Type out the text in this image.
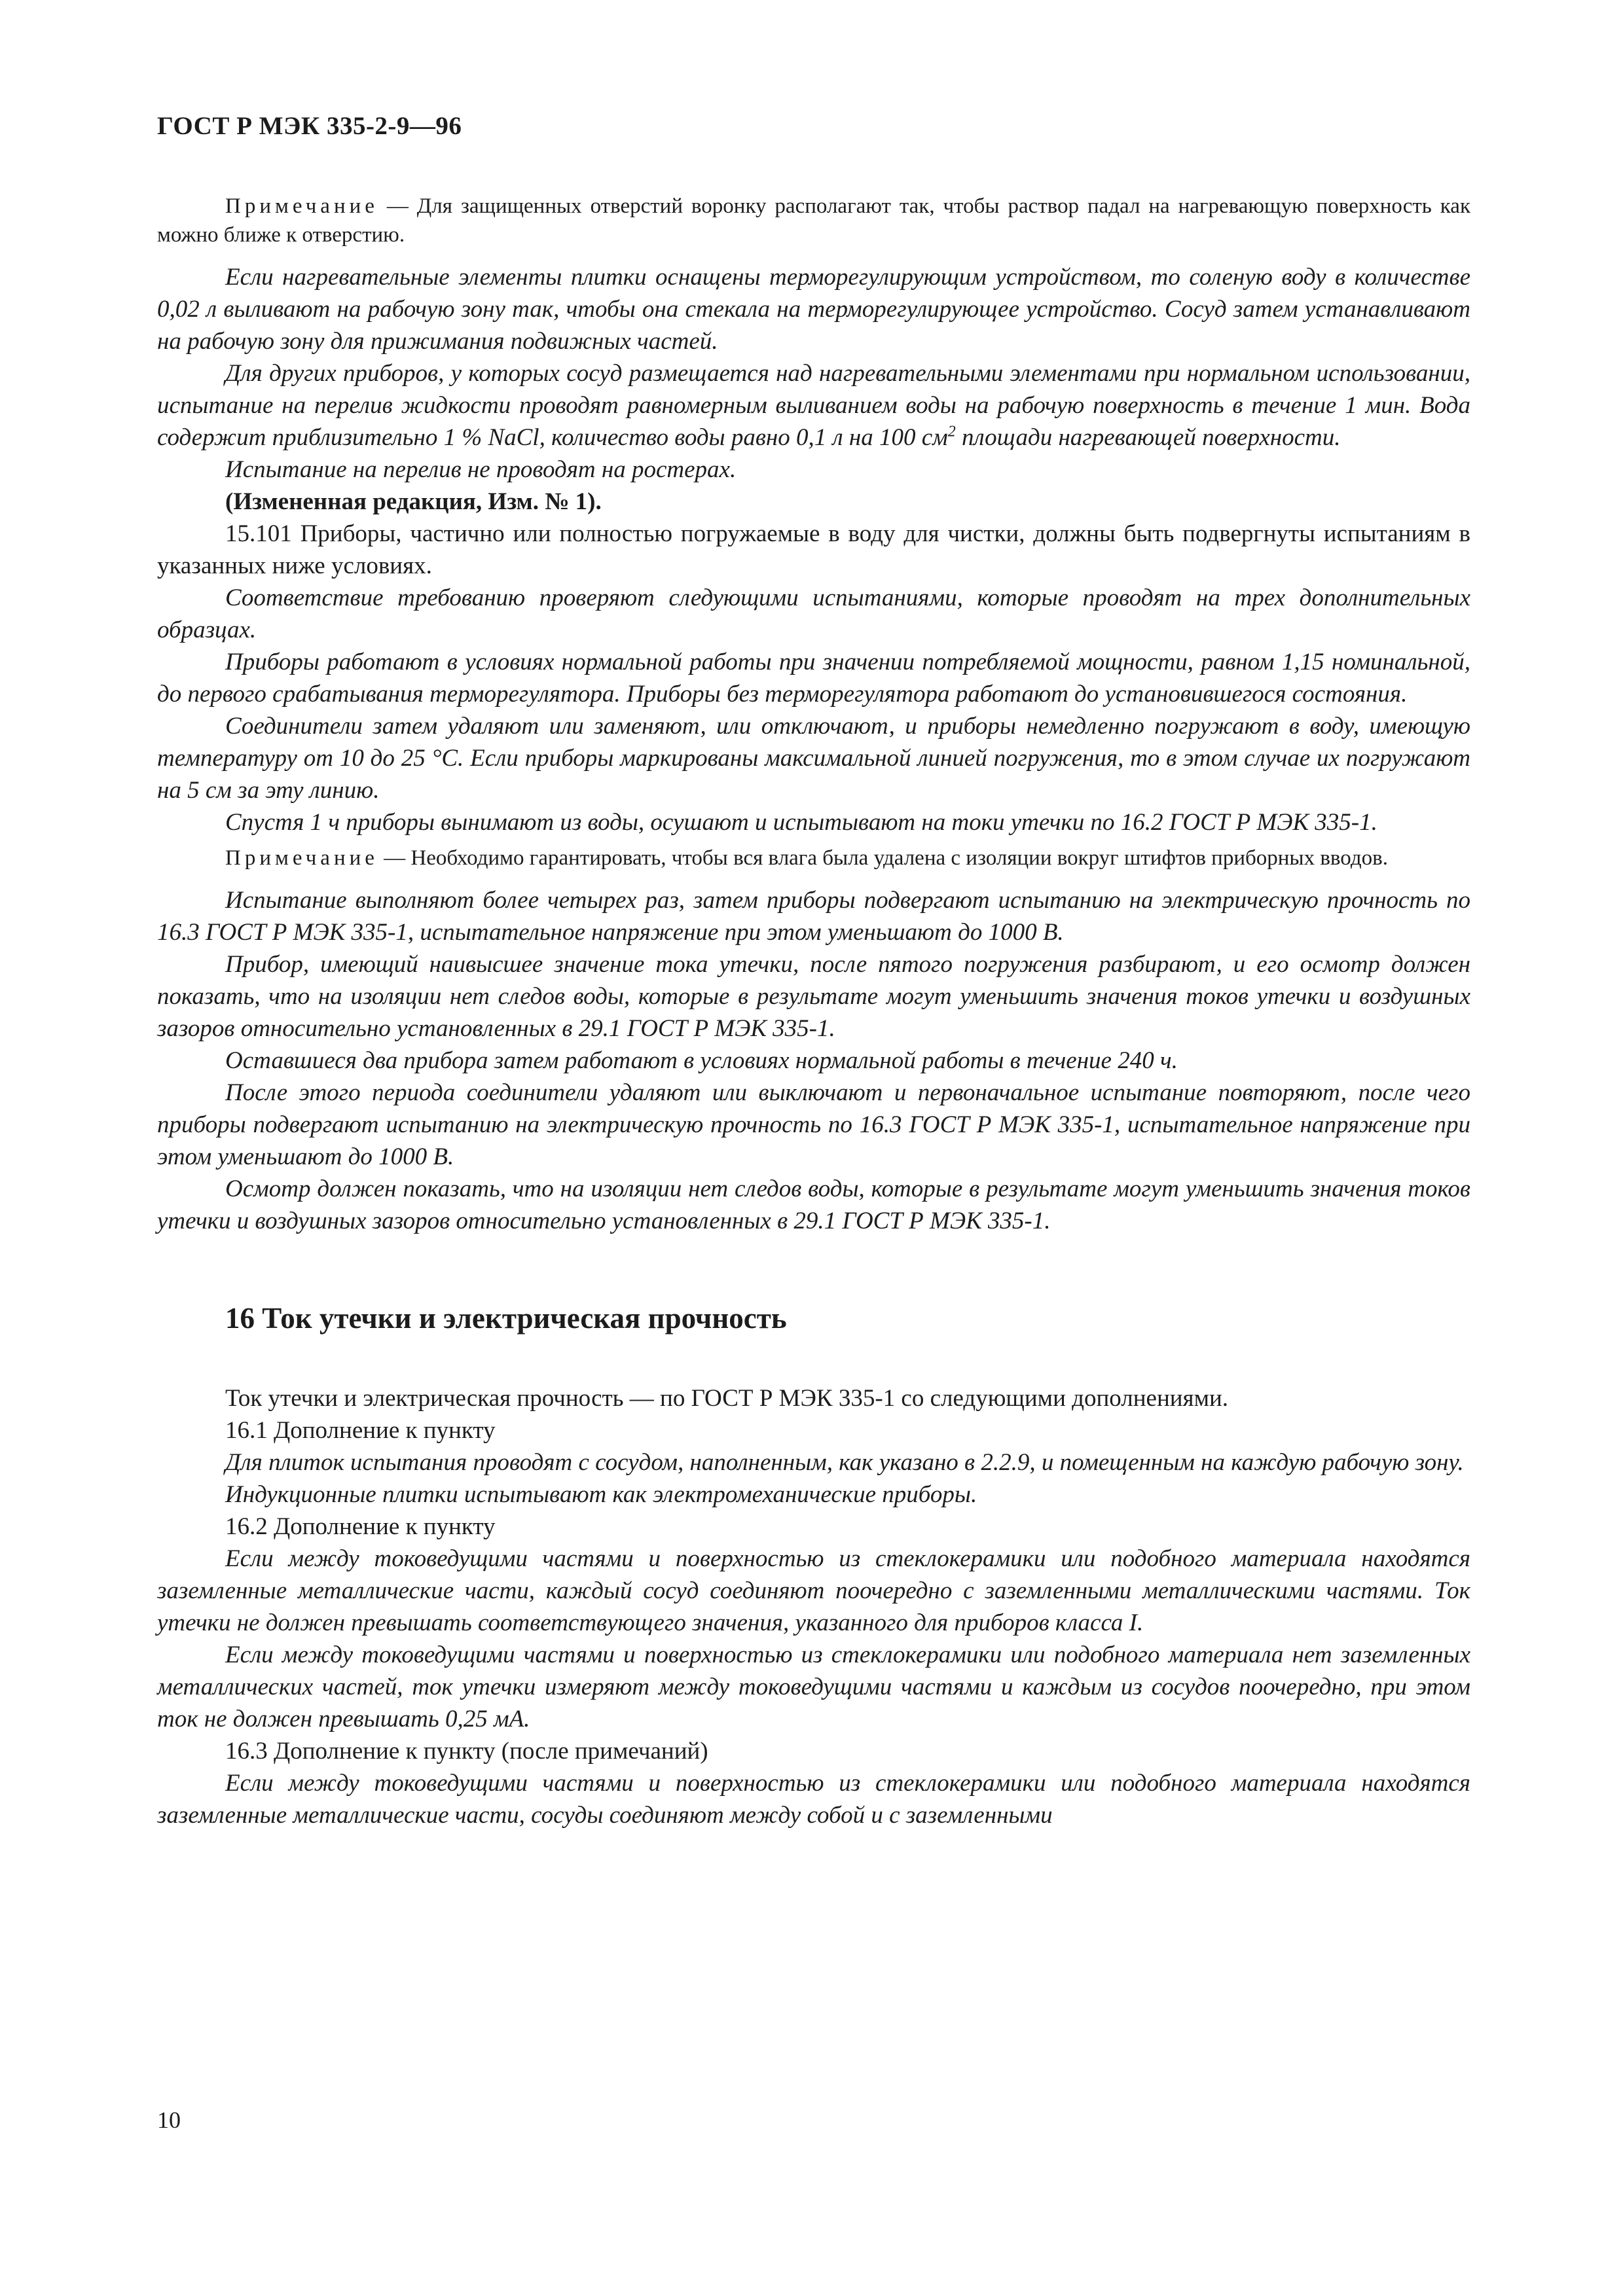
ГОСТ Р МЭК 335-2-9—96

Примечание — Для защищенных отверстий воронку располагают так, чтобы раствор падал на нагревающую поверхность как можно ближе к отверстию.

Если нагревательные элементы плитки оснащены терморегулирующим устройством, то соленую воду в количестве 0,02 л выливают на рабочую зону так, чтобы она стекала на терморегулирующее устройство. Сосуд затем устанавливают на рабочую зону для прижимания подвижных частей.

Для других приборов, у которых сосуд размещается над нагревательными элементами при нормальном использовании, испытание на перелив жидкости проводят равномерным выливанием воды на рабочую поверхность в течение 1 мин. Вода содержит приблизительно 1 % NaCl, количество воды равно 0,1 л на 100 $см^2$ площади нагревающей поверхности.

Испытание на перелив не проводят на ростерах.

(Измененная редакция, Изм. № 1).

15.101 Приборы, частично или полностью погружаемые в воду для чистки, должны быть подвергнуты испытаниям в указанных ниже условиях.

Соответствие требованию проверяют следующими испытаниями, которые проводят на трех дополнительных образцах.

Приборы работают в условиях нормальной работы при значении потребляемой мощности, равном 1,15 номинальной, до первого срабатывания терморегулятора. Приборы без терморегулятора работают до установившегося состояния.

Соединители затем удаляют или заменяют, или отключают, и приборы немедленно погружают в воду, имеющую температуру от 10 до 25 °С. Если приборы маркированы максимальной линией погружения, то в этом случае их погружают на 5 см за эту линию.

Спустя 1 ч приборы вынимают из воды, осушают и испытывают на токи утечки по 16.2 ГОСТ Р МЭК 335-1.

Примечание — Необходимо гарантировать, чтобы вся влага была удалена с изоляции вокруг штифтов приборных вводов.

Испытание выполняют более четырех раз, затем приборы подвергают испытанию на электрическую прочность по 16.3 ГОСТ Р МЭК 335-1, испытательное напряжение при этом уменьшают до 1000 В.

Прибор, имеющий наивысшее значение тока утечки, после пятого погружения разбирают, и его осмотр должен показать, что на изоляции нет следов воды, которые в результате могут уменьшить значения токов утечки и воздушных зазоров относительно установленных в 29.1 ГОСТ Р МЭК 335-1.

Оставшиеся два прибора затем работают в условиях нормальной работы в течение 240 ч.

После этого периода соединители удаляют или выключают и первоначальное испытание повторяют, после чего приборы подвергают испытанию на электрическую прочность по 16.3 ГОСТ Р МЭК 335-1, испытательное напряжение при этом уменьшают до 1000 В.

Осмотр должен показать, что на изоляции нет следов воды, которые в результате могут уменьшить значения токов утечки и воздушных зазоров относительно установленных в 29.1 ГОСТ Р МЭК 335-1.

16 Ток утечки и электрическая прочность

Ток утечки и электрическая прочность — по ГОСТ Р МЭК 335-1 со следующими дополнениями.

16.1 Дополнение к пункту

Для плиток испытания проводят с сосудом, наполненным, как указано в 2.2.9, и помещенным на каждую рабочую зону.

Индукционные плитки испытывают как электромеханические приборы.

16.2 Дополнение к пункту

Если между токоведущими частями и поверхностью из стеклокерамики или подобного материала находятся заземленные металлические части, каждый сосуд соединяют поочередно с заземленными металлическими частями. Ток утечки не должен превышать соответствующего значения, указанного для приборов класса I.

Если между токоведущими частями и поверхностью из стеклокерамики или подобного материала нет заземленных металлических частей, ток утечки измеряют между токоведущими частями и каждым из сосудов поочередно, при этом ток не должен превышать 0,25 мА.

16.3 Дополнение к пункту (после примечаний)

Если между токоведущими частями и поверхностью из стеклокерамики или подобного материала находятся заземленные металлические части, сосуды соединяют между собой и с заземленными

10
